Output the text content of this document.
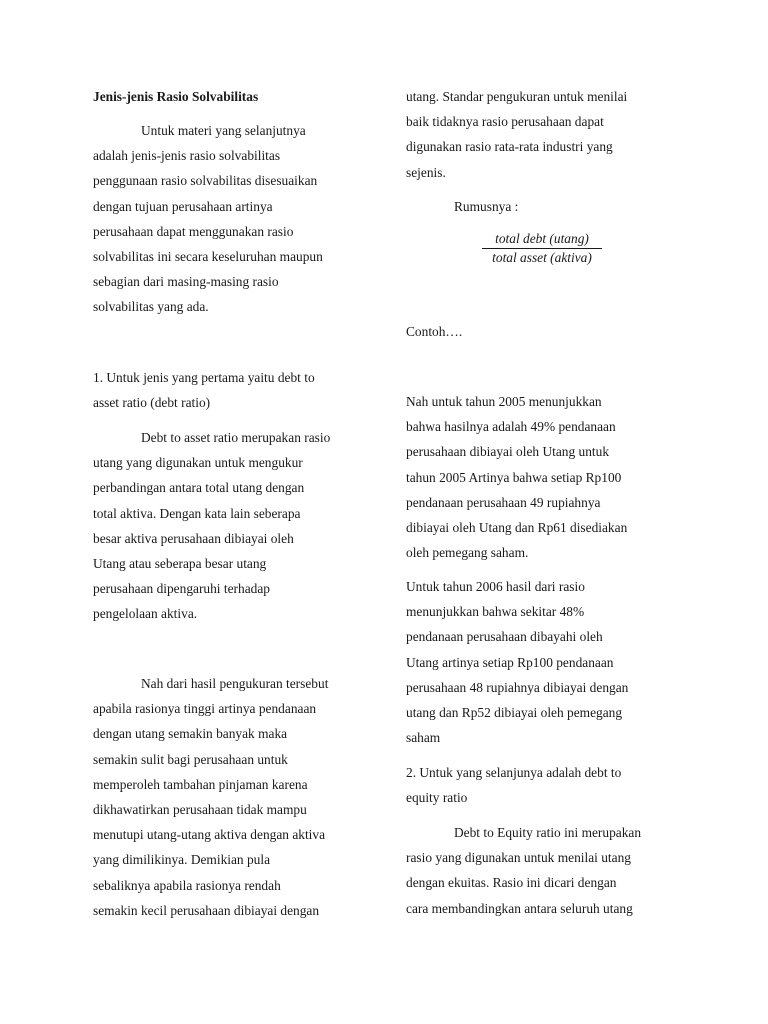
Jenis-jenis Rasio Solvabilitas

Untuk materi yang selanjutnya
adalah jenis-jenis rasio solvabilitas
penggunaan rasio solvabilitas disesuaikan
dengan tujuan perusahaan artinya
perusahaan dapat menggunakan rasio
solvabilitas ini secara keseluruhan maupun
sebagian dari masing-masing rasio
solvabilitas yang ada.

1. Untuk jenis yang pertama yaitu debt to
asset ratio (debt ratio)

Debt to asset ratio merupakan rasio
utang yang digunakan untuk mengukur
perbandingan antara total utang dengan
total aktiva. Dengan kata lain seberapa
besar aktiva perusahaan dibiayai oleh
Utang atau seberapa besar utang
perusahaan dipengaruhi terhadap
pengelolaan aktiva.

Nah dari hasil pengukuran tersebut
apabila rasionya tinggi artinya pendanaan
dengan utang semakin banyak maka
semakin sulit bagi perusahaan untuk
memperoleh tambahan pinjaman karena
dikhawatirkan perusahaan tidak mampu
menutupi utang-utang aktiva dengan aktiva
yang dimilikinya. Demikian pula
sebaliknya apabila rasionya rendah
semakin kecil perusahaan dibiayai dengan

utang. Standar pengukuran untuk menilai
baik tidaknya rasio perusahaan dapat
digunakan rasio rata-rata industri yang
sejenis.

Rumusnya :

total debt (utang)
total asset (aktiva)

Contoh….

Nah untuk tahun 2005 menunjukkan
bahwa hasilnya adalah 49% pendanaan
perusahaan dibiayai oleh Utang untuk
tahun 2005 Artinya bahwa setiap Rp100
pendanaan perusahaan 49 rupiahnya
dibiayai oleh Utang dan Rp61 disediakan
oleh pemegang saham.

Untuk tahun 2006 hasil dari rasio
menunjukkan bahwa sekitar 48%
pendanaan perusahaan dibayahi oleh
Utang artinya setiap Rp100 pendanaan
perusahaan 48 rupiahnya dibiayai dengan
utang dan Rp52 dibiayai oleh pemegang
saham

2. Untuk yang selanjunya adalah debt to
equity ratio

Debt to Equity ratio ini merupakan
rasio yang digunakan untuk menilai utang
dengan ekuitas. Rasio ini dicari dengan
cara membandingkan antara seluruh utang
